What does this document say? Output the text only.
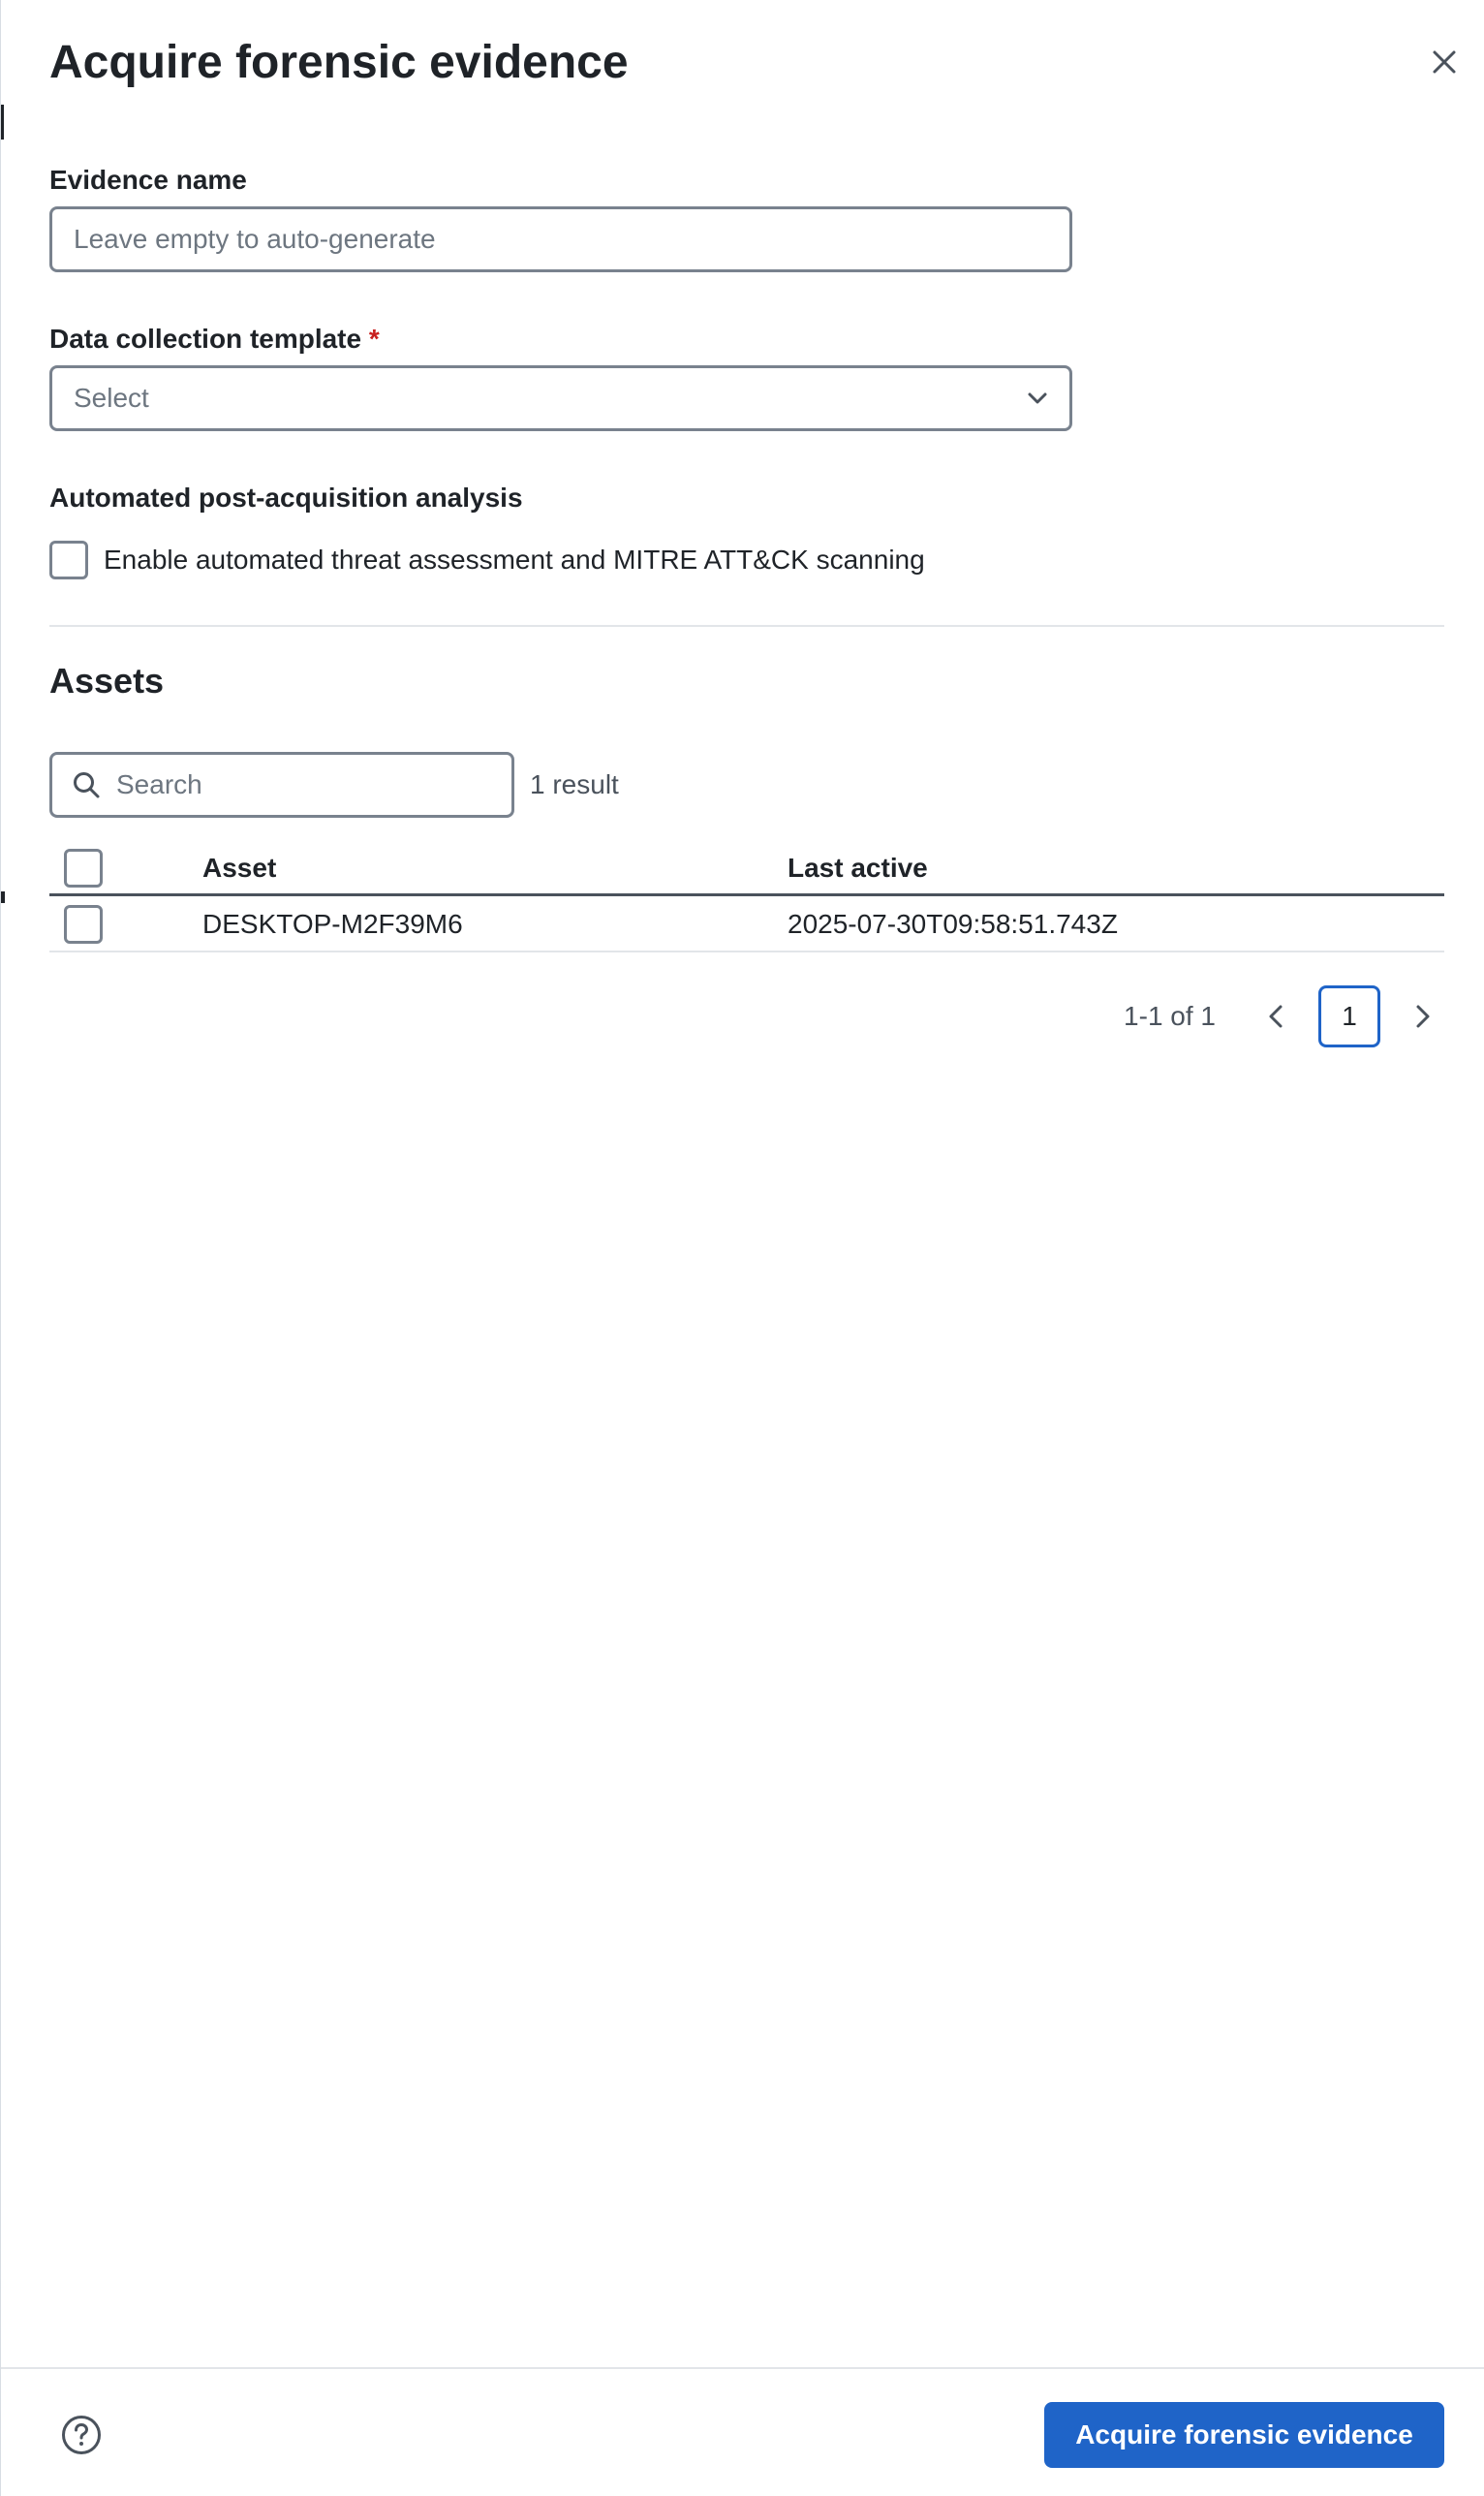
Acquire forensic evidence
Evidence name
Leave empty to auto-generate
Data collection template *
Select
Automated post-acquisition analysis
Enable automated threat assessment and MITRE ATT&CK scanning
Assets
Search
1 result
Asset	Last active
DESKTOP-M2F39M6	2025-07-30T09:58:51.743Z
1-1 of 1	1
Acquire forensic evidence
